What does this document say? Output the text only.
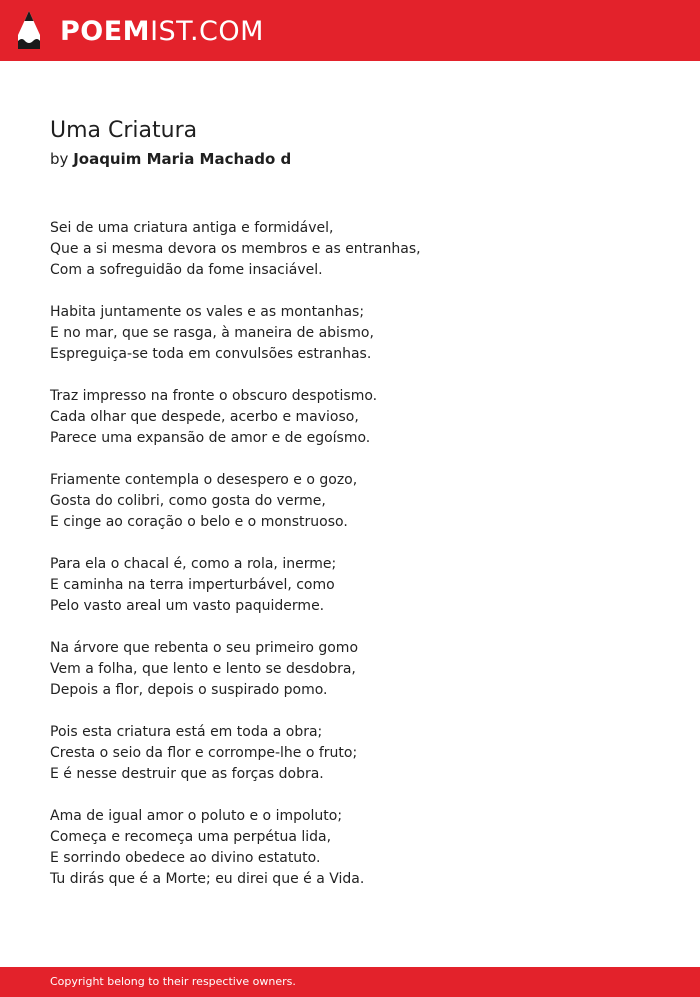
POEMIST.COM
Uma Criatura
by Joaquim Maria Machado d
Sei de uma criatura antiga e formidável,
Que a si mesma devora os membros e as entranhas,
Com a sofreguidão da fome insaciável.
Habita juntamente os vales e as montanhas;
E no mar, que se rasga, à maneira de abismo,
Espreguiça-se toda em convulsões estranhas.
Traz impresso na fronte o obscuro despotismo.
Cada olhar que despede, acerbo e mavioso,
Parece uma expansão de amor e de egoísmo.
Friamente contempla o desespero e o gozo,
Gosta do colibri, como gosta do verme,
E cinge ao coração o belo e o monstruoso.
Para ela o chacal é, como a rola, inerme;
E caminha na terra imperturbável, como
Pelo vasto areal um vasto paquiderme.
Na árvore que rebenta o seu primeiro gomo
Vem a folha, que lento e lento se desdobra,
Depois a flor, depois o suspirado pomo.
Pois esta criatura está em toda a obra;
Cresta o seio da flor e corrompe-lhe o fruto;
E é nesse destruir que as forças dobra.
Ama de igual amor o poluto e o impoluto;
Começa e recomeça uma perpétua lida,
E sorrindo obedece ao divino estatuto.
Tu dirás que é a Morte; eu direi que é a Vida.
Copyright belong to their respective owners.
